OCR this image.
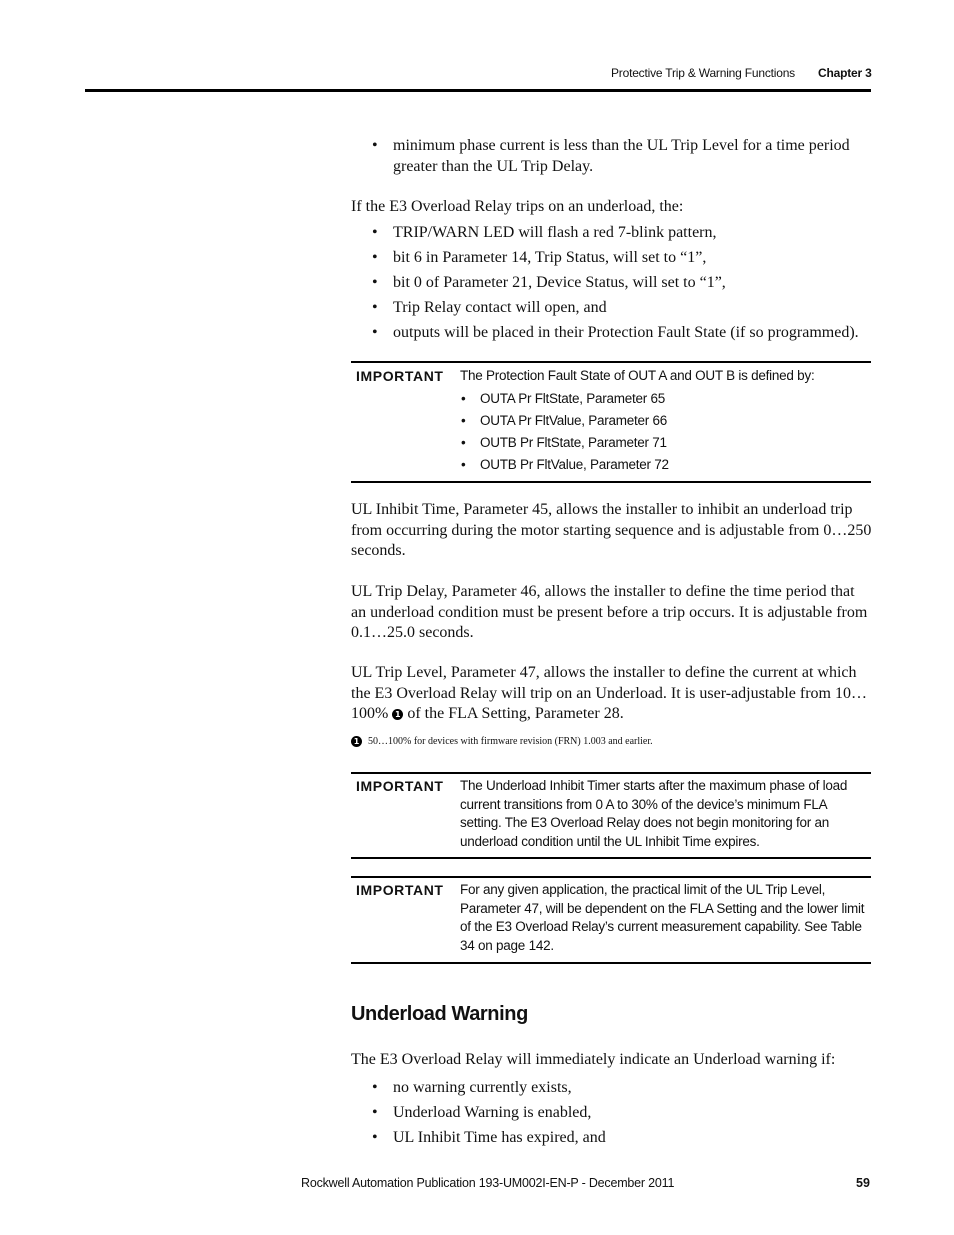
Protective Trip & Warning Functions Chapter 3
• minimum phase current is less than the UL Trip Level for a time period greater than the UL Trip Delay.
If the E3 Overload Relay trips on an underload, the:
• TRIP/WARN LED will flash a red 7-blink pattern,
• bit 6 in Parameter 14, Trip Status, will set to “1”,
• bit 0 of Parameter 21, Device Status, will set to “1”,
• Trip Relay contact will open, and
• outputs will be placed in their Protection Fault State (if so programmed).
IMPORTANT The Protection Fault State of OUT A and OUT B is defined by:
• OUTA Pr FltState, Parameter 65
• OUTA Pr FltValue, Parameter 66
• OUTB Pr FltState, Parameter 71
• OUTB Pr FltValue, Parameter 72
UL Inhibit Time, Parameter 45, allows the installer to inhibit an underload trip from occurring during the motor starting sequence and is adjustable from 0…250 seconds.
UL Trip Delay, Parameter 46, allows the installer to define the time period that an underload condition must be present before a trip occurs. It is adjustable from 0.1…25.0 seconds.
UL Trip Level, Parameter 47, allows the installer to define the current at which the E3 Overload Relay will trip on an Underload. It is user-adjustable from 10…100% 1 of the FLA Setting, Parameter 28.
1 50…100% for devices with firmware revision (FRN) 1.003 and earlier.
IMPORTANT The Underload Inhibit Timer starts after the maximum phase of load current transitions from 0 A to 30% of the device’s minimum FLA setting. The E3 Overload Relay does not begin monitoring for an underload condition until the UL Inhibit Time expires.
IMPORTANT For any given application, the practical limit of the UL Trip Level, Parameter 47, will be dependent on the FLA Setting and the lower limit of the E3 Overload Relay’s current measurement capability. See Table 34 on page 142.
Underload Warning
The E3 Overload Relay will immediately indicate an Underload warning if:
• no warning currently exists,
• Underload Warning is enabled,
• UL Inhibit Time has expired, and
Rockwell Automation Publication 193-UM002I-EN-P - December 2011	59
